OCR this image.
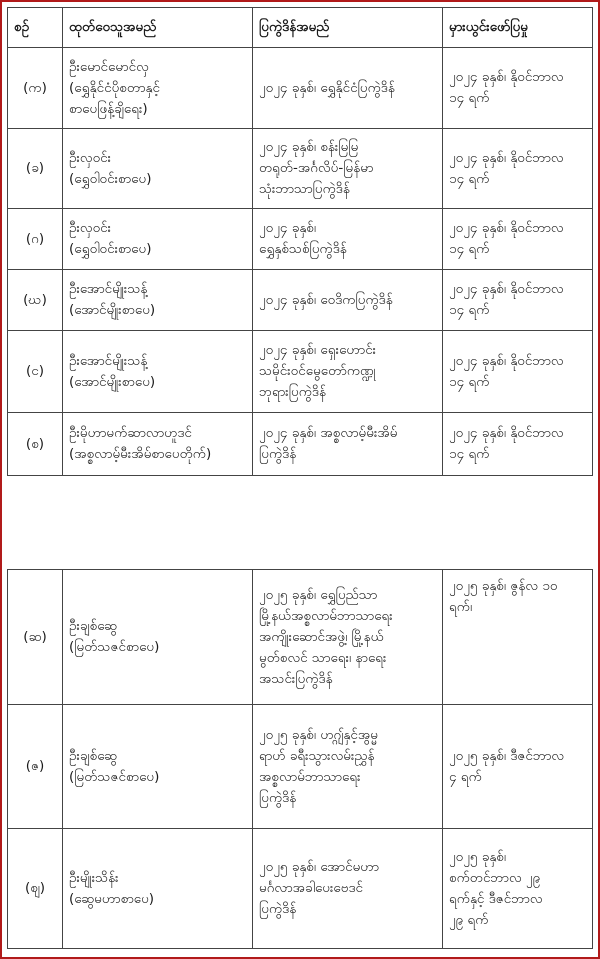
စဉ်	ထုတ်ဝေသူအမည်	ပြကွဲဒိန်အမည်	မှားယွင်းဖော်ပြမှု
(က)	ဦးမောင်မောင်လှ
(ရွှေနိုင်ငံပိုစတာနှင့်
စာပေဖြန့်ချိရေး)	၂၀၂၄ ခုနှစ်၊ ရွှေနိုင်ငံပြကွဲဒိန်	၂၀၂၄ ခုနှစ်၊ နိုဝင်ဘာလ
၁၄ ရက်

(ခ)	ဦးလှဝင်း
(ရွှေဝါဝင်းစာပေ)	၂၀၂၄ ခုနှစ်၊ စန်းမြမြ
တရုတ်-အင်္ဂလိပ်-မြန်မာ
သုံးဘာသာပြကွဲဒိန်	၂၀၂၄ ခုနှစ်၊ နိုဝင်ဘာလ
၁၄ ရက်

(ဂ)	ဦးလှဝင်း
(ရွှေဝါဝင်းစာပေ)	၂၀၂၄ ခုနှစ်၊
ရွှေနှစ်သစ်ပြကွဲဒိန်	၂၀၂၄ ခုနှစ်၊ နိုဝင်ဘာလ
၁၄ ရက်

(ဃ)	ဦးအောင်မျိုးသန့်
(အောင်မျိုးစာပေ)	၂၀၂၄ ခုနှစ်၊ ဝေဒိကပြကွဲဒိန်	၂၀၂၄ ခုနှစ်၊ နိုဝင်ဘာလ
၁၄ ရက်

(င)	ဦးအောင်မျိုးသန့်
(အောင်မျိုးစာပေ)	၂၀၂၄ ခုနှစ်၊ ရှေးဟောင်း
သမိုင်းဝင်မွေတော်ကဏ္ဍု
ဘုရားပြကွဲဒိန်	၂၀၂၄ ခုနှစ်၊ နိုဝင်ဘာလ
၁၄ ရက်

(စ)	ဦးမိုဟာမက်ဆာလာဟူဒင်
(အစ္စလာမ့်မီးအိမ်စာပေတိုက်)	၂၀၂၄ ခုနှစ်၊ အစ္စလာမ့်မီးအိမ်
ပြကွဲဒိန်	၂၀၂၄ ခုနှစ်၊ နိုဝင်ဘာလ
၁၄ ရက်
(ဆ)	ဦးချစ်ဆွေ
(မြတ်သဇင်စာပေ)	၂၀၂၅ ခုနှစ်၊ ရွှေပြည်သာ
မြို့နယ်အစ္စလာမ်ဘာသာရေး
အကျိုးဆောင်အဖွဲ့၊ မြို့နယ်
မွတ်စလင် သာရေး၊ နာရေး
အသင်းပြကွဲဒိန်	၂၀၂၅ ခုနှစ်၊ ဇွန်လ ၁၀
ရက်၊

(ဇ)	ဦးချစ်ဆွေ
(မြတ်သဇင်စာပေ)	၂၀၂၅ ခုနှစ်၊ ဟဂ္ဂျ်နှင့်အွမ္မ
ရာဟ် ခရီးသွားလမ်းညွှန်
အစ္စလာမ်ဘာသာရေး
ပြကွဲဒိန်	၂၀၂၅ ခုနှစ်၊ ဒီဇင်ဘာလ
၄ ရက်

(ဈ)	ဦးမျိုးသိန်း
(ဆွေမဟာစာပေ)	၂၀၂၅ ခုနှစ်၊ အောင်မဟာ
မင်္ဂလာအခါပေးဗေဒင်
ပြကွဲဒိန်	၂၀၂၅ ခုနှစ်၊
စက်တင်ဘာလ ၂၉
ရက်နှင့် ဒီဇင်ဘာလ
၂၉ ရက်
